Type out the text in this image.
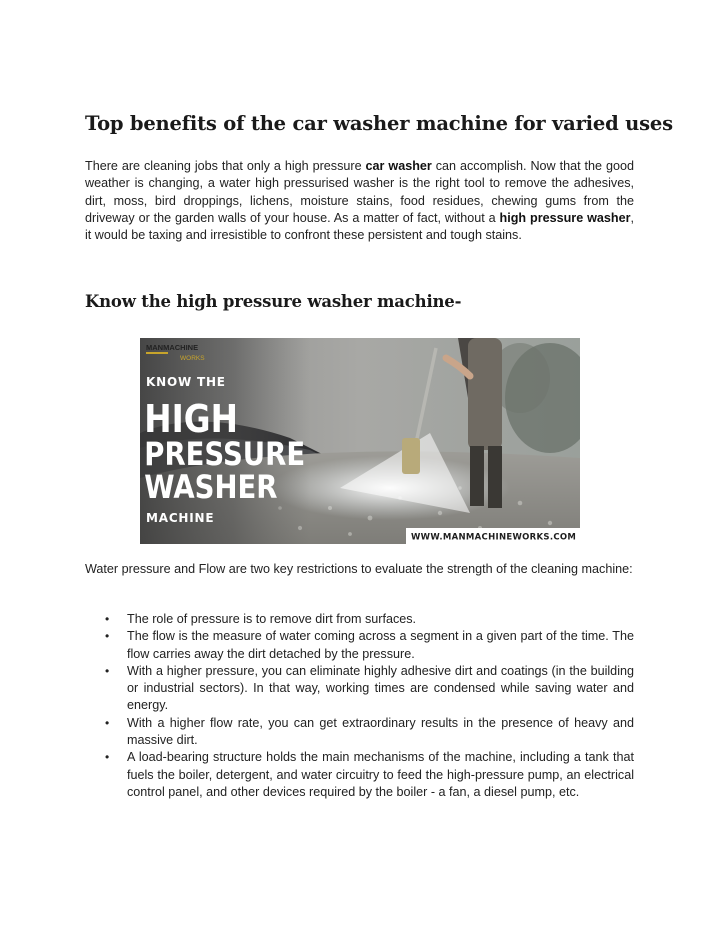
Top benefits of the car washer machine for varied uses

There are cleaning jobs that only a high pressure car washer can accomplish. Now that the good weather is changing, a water high pressurised washer is the right tool to remove the adhesives, dirt, moss, bird droppings, lichens, moisture stains, food residues, chewing gums from the driveway or the garden walls of your house. As a matter of fact, without a high pressure washer, it would be taxing and irresistible to confront these persistent and tough stains.

Know the high pressure washer machine-

Water pressure and Flow are two key restrictions to evaluate the strength of the cleaning machine:

• The role of pressure is to remove dirt from surfaces.
• The flow is the measure of water coming across a segment in a given part of the time. The flow carries away the dirt detached by the pressure.
• With a higher pressure, you can eliminate highly adhesive dirt and coatings (in the building or industrial sectors). In that way, working times are condensed while saving water and energy.
• With a higher flow rate, you can get extraordinary results in the presence of heavy and massive dirt.
• A load-bearing structure holds the main mechanisms of the machine, including a tank that fuels the boiler, detergent, and water circuitry to feed the high-pressure pump, an electrical control panel, and other devices required by the boiler - a fan, a diesel pump, etc.
MANMACHINE
WORKS
KNOW THE
HIGH
PRESSURE
WASHER
MACHINE
WWW.MANMACHINEWORKS.COM
